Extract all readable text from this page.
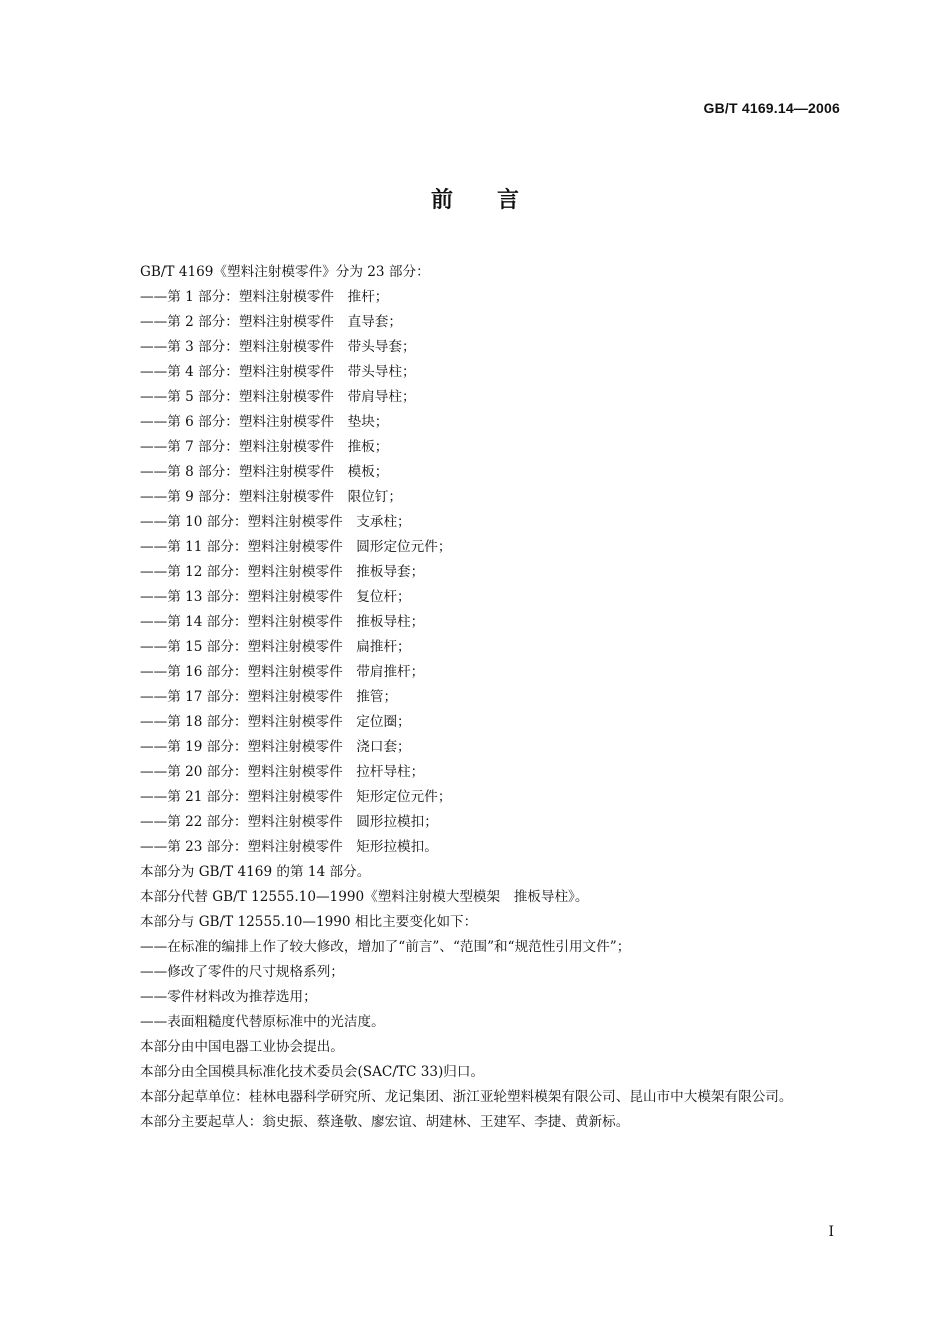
GB/T 4169.14—2006
前言
GB/T 4169《塑料注射模零件》分为 23 部分：
——第 1 部分：塑料注射模零件　推杆；
——第 2 部分：塑料注射模零件　直导套；
——第 3 部分：塑料注射模零件　带头导套；
——第 4 部分：塑料注射模零件　带头导柱；
——第 5 部分：塑料注射模零件　带肩导柱；
——第 6 部分：塑料注射模零件　垫块；
——第 7 部分：塑料注射模零件　推板；
——第 8 部分：塑料注射模零件　模板；
——第 9 部分：塑料注射模零件　限位钉；
——第 10 部分：塑料注射模零件　支承柱；
——第 11 部分：塑料注射模零件　圆形定位元件；
——第 12 部分：塑料注射模零件　推板导套；
——第 13 部分：塑料注射模零件　复位杆；
——第 14 部分：塑料注射模零件　推板导柱；
——第 15 部分：塑料注射模零件　扁推杆；
——第 16 部分：塑料注射模零件　带肩推杆；
——第 17 部分：塑料注射模零件　推管；
——第 18 部分：塑料注射模零件　定位圈；
——第 19 部分：塑料注射模零件　浇口套；
——第 20 部分：塑料注射模零件　拉杆导柱；
——第 21 部分：塑料注射模零件　矩形定位元件；
——第 22 部分：塑料注射模零件　圆形拉模扣；
——第 23 部分：塑料注射模零件　矩形拉模扣。
本部分为 GB/T 4169 的第 14 部分。
本部分代替 GB/T 12555.10—1990《塑料注射模大型模架　推板导柱》。
本部分与 GB/T 12555.10—1990 相比主要变化如下：
——在标准的编排上作了较大修改，增加了“前言”、“范围”和“规范性引用文件”；
——修改了零件的尺寸规格系列；
——零件材料改为推荐选用；
——表面粗糙度代替原标准中的光洁度。
本部分由中国电器工业协会提出。
本部分由全国模具标准化技术委员会(SAC/TC 33)归口。
本部分起草单位：桂林电器科学研究所、龙记集团、浙江亚轮塑料模架有限公司、昆山市中大模架有限公司。
本部分主要起草人：翁史振、蔡逢敬、廖宏谊、胡建林、王建军、李捷、黄新标。
I
